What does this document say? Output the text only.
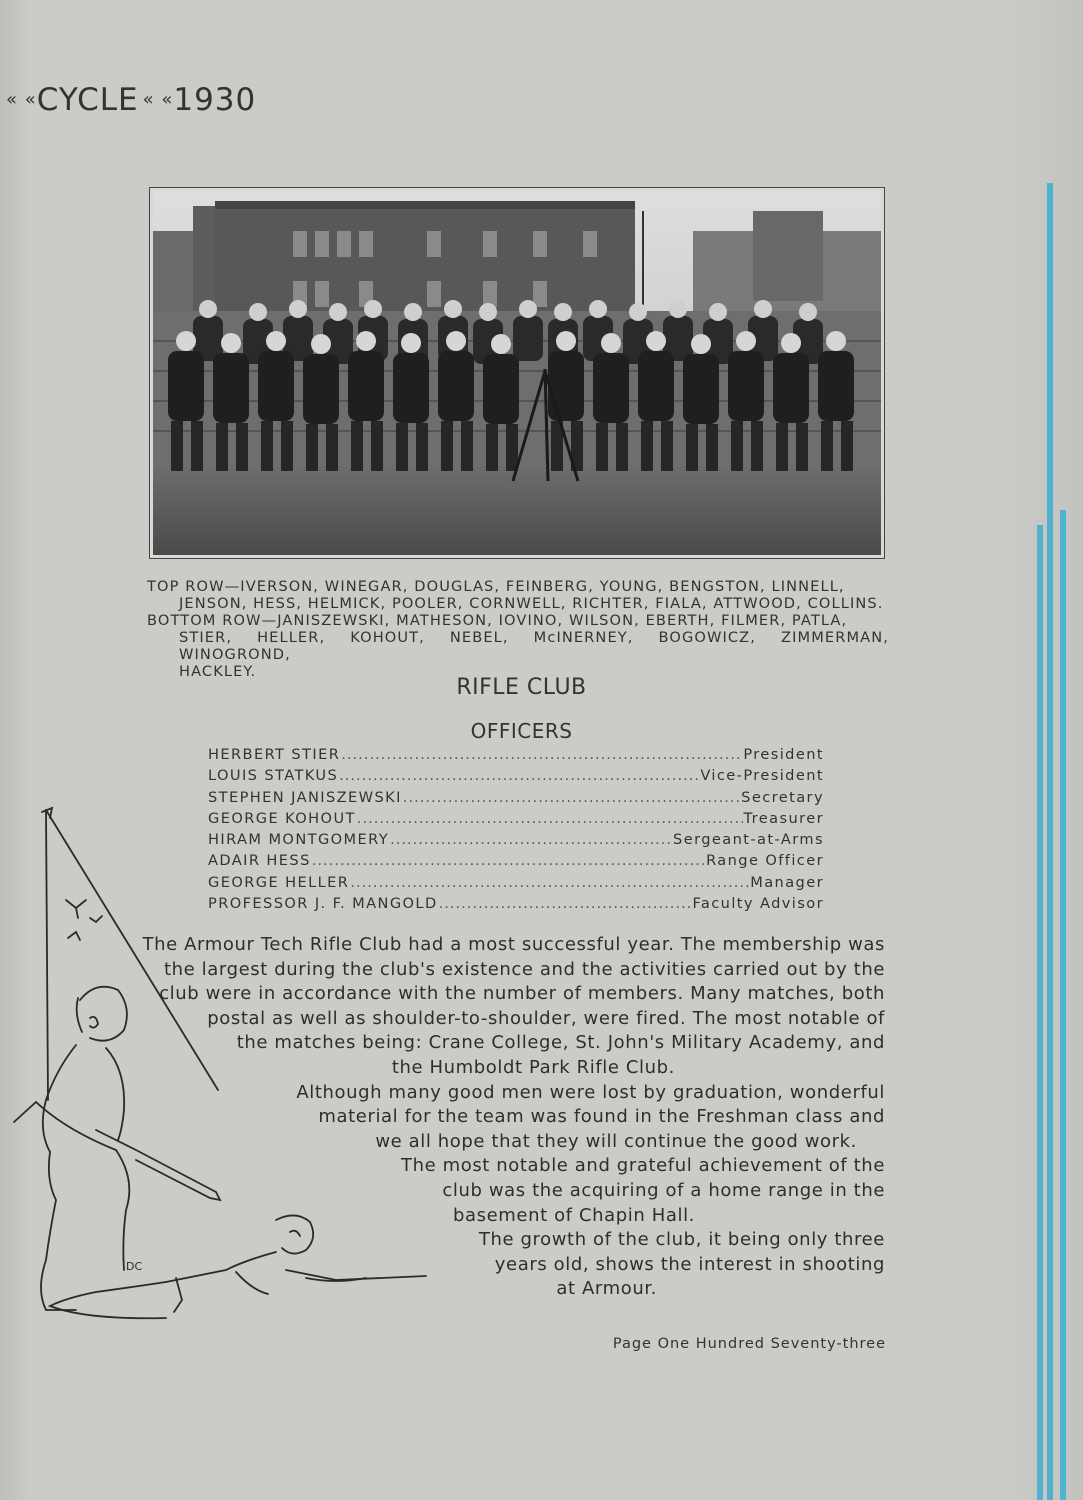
« «CYCLE « «1930

TOP ROW—IVERSON, WINEGAR, DOUGLAS, FEINBERG, YOUNG, BENGSTON, LINNELL,

JENSON, HESS, HELMICK, POOLER, CORNWELL, RICHTER, FIALA, ATTWOOD, COLLINS.

BOTTOM ROW—JANISZEWSKI, MATHESON, IOVINO, WILSON, EBERTH, FILMER, PATLA,

STIER, HELLER, KOHOUT, NEBEL, McINERNEY, BOGOWICZ, ZIMMERMAN, WINOGROND,

HACKLEY.

RIFLE CLUB
OFFICERS
HERBERT STIER .....	President
LOUIS STATKUS .....	Vice-President
STEPHEN JANISZEWSKI .....	Secretary
GEORGE KOHOUT .....	Treasurer
HIRAM MONTGOMERY .....	Sergeant-at-Arms
ADAIR HESS .....	Range Officer
GEORGE HELLER .....	Manager
PROFESSOR J. F. MANGOLD .....	Faculty Advisor
DC
The Armour Tech Rifle Club had a most successful year. The membership was
the largest during the club's existence and the activities carried out by the
club were in accordance with the number of members. Many matches, both
postal as well as shoulder-to-shoulder, were fired. The most notable of
the matches being: Crane College, St. John's Military Academy, and
the Humboldt Park Rifle Club.
Although many good men were lost by graduation, wonderful
material for the team was found in the Freshman class and
we all hope that they will continue the good work.
The most notable and grateful achievement of the
club was the acquiring of a home range in the
basement of Chapin Hall.
The growth of the club, it being only three
years old, shows the interest in shooting
at Armour.
Page One Hundred Seventy-three
